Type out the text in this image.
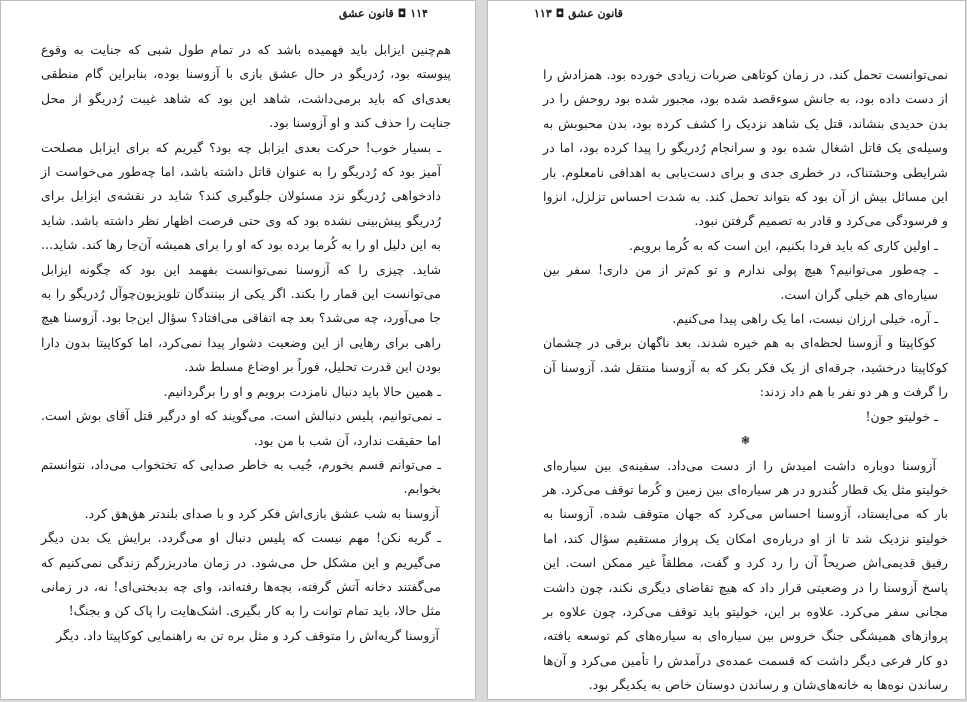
۱۱۴ ◘ قانون عشق

هم‌چنین ایزابل باید فهمیده باشد که در تمام طول شبی که جنایت به وقوع پیوسته بود، رُدریگو در حال عشق بازی با آزوسنا بوده، بنابراین گام منطقی بعدی‌ای که باید برمی‌داشت، شاهد این بود که شاهد غیبت رُدریگو از محل جنایت را حذف کند و او آزوسنا بود.

ـ بسیار خوب! حرکت بعدی ایزابل چه بود؟ گیریم که برای ایزابل مصلحت آمیز بود که رُدریگو را به عنوان قاتل داشته باشد، اما چه‌طور می‌خواست از دادخواهی رُدریگو نزد مسئولان جلوگیری کند؟ شاید در نقشه‌ی ایزابل برای رُدریگو پیش‌بینی نشده بود که وی حتی فرصت اظهار نظر داشته باشد. شاید به این دلیل او را به کُرما برده بود که او را برای همیشه آن‌جا رها کند. شاید... شاید. چیزی را که آزوسنا نمی‌توانست بفهمد این بود که چگونه ایزابل می‌توانست این قمار را بکند. اگر یکی از بینندگان تلویزیون‌چوآل رُدریگو را به جا می‌آورد، چه می‌شد؟ بعد چه اتفاقی می‌افتاد؟ سؤال این‌جا بود. آزوسنا هیچ راهی برای رهایی از این وضعیت دشوار پیدا نمی‌کرد، اما کوکاپیتا بدون دارا بودن این قدرت تحلیل، فوراً بر اوضاع مسلط شد.

ـ همین حالا باید دنبال نامزدت برویم و او را برگردانیم.

ـ نمی‌توانیم، پلیس دنبالش است. می‌گویند که او درگیر قتل آقای بوش است. اما حقیقت ندارد، آن شب با من بود.

ـ می‌توانم قسم بخورم، جُیب به خاطر صدایی که تختخواب می‌داد، نتوانستم بخوابم.

آزوسنا به شب عشق بازی‌اش فکر کرد و با صدای بلندتر هق‌هق کرد.

ـ گریه نکن! مهم نیست که پلیس دنبال او می‌گردد. برایش یک بدن دیگر می‌گیریم و این مشکل حل می‌شود. در زمان مادربزرگم زندگی نمی‌کنیم که می‌گفتند دخانه آتش گرفته، بچه‌ها رفته‌اند، وای چه بدبختی‌ای! نه، در زمانی مثل حالا، باید تمام توانت را به کار بگیری. اشک‌هایت را پاک کن و بجنگ!

آزوسنا گریه‌اش را متوقف کرد و مثل بره تن به راهنمایی کوکاپیتا داد. دیگر

قانون عشق ◘ ۱۱۳

نمی‌توانست تحمل کند. در زمان کوتاهی ضربات زیادی خورده بود. همزادش را از دست داده بود، به جانش سوء‌قصد شده بود، مجبور شده بود روحش را در بدن حدیدی بنشاند، قتل یک شاهد نزدیک را کشف کرده بود، بدن محبوبش به وسیله‌ی یک قاتل اشغال شده بود و سرانجام رُدریگو را پیدا کرده بود، اما در شرایطی وحشتناک، در خطری جدی و برای دست‌یابی به اهدافی نامعلوم. بار این مسائل بیش از آن بود که بتواند تحمل کند. به شدت احساس تزلزل، انزوا و فرسودگی می‌کرد و قادر به تصمیم گرفتن نبود.

ـ اولین کاری که باید فردا بکنیم، این است که به کُرما برویم.

ـ چه‌طور می‌توانیم؟ هیچ پولی ندارم و تو کم‌تر از من داری! سفر بین سیاره‌ای هم خیلی گران است.

ـ آره، خیلی ارزان نیست، اما یک راهی پیدا می‌کنیم.

کوکاپیتا و آزوسنا لحظه‌ای به هم خیره شدند. بعد ناگهان برقی در چشمان کوکاپیتا درخشید، جرقه‌ای از یک فکر بکر که به آزوسنا منتقل شد. آزوسنا آن را گرفت و هر دو نفر با هم داد زدند:

ـ خولیتو جون!

❃

آزوسنا دوباره داشت امیدش را از دست می‌داد. سفینه‌ی بین سیاره‌ای خولیتو مثل یک قطار کُندرو در هر سیاره‌ای بین زمین و کُرما توقف می‌کرد. هر بار که می‌ایستاد، آزوسنا احساس می‌کرد که جهان متوقف شده. آزوسنا به خولیتو نزدیک شد تا از او درباره‌ی امکان یک پرواز مستقیم سؤال کند، اما رفیق قدیمی‌اش صریحاً آن را رد کرد و گفت، مطلقاً غیر ممکن است. این پاسخ آزوسنا را در وضعیتی قرار داد که هیچ تقاضای دیگری نکند، چون داشت مجانی سفر می‌کرد. علاوه بر این، خولیتو باید توقف می‌کرد، چون علاوه بر پروازهای همیشگی جنگ خروس بین سیاره‌ای به سیاره‌های کم توسعه یافته، دو کار فرعی دیگر داشت که قسمت عمده‌ی درآمدش را تأمین می‌کرد و آن‌ها رساندن نوه‌ها به خانه‌های‌شان و رساندن دوستان خاص به یکدیگر بود.
